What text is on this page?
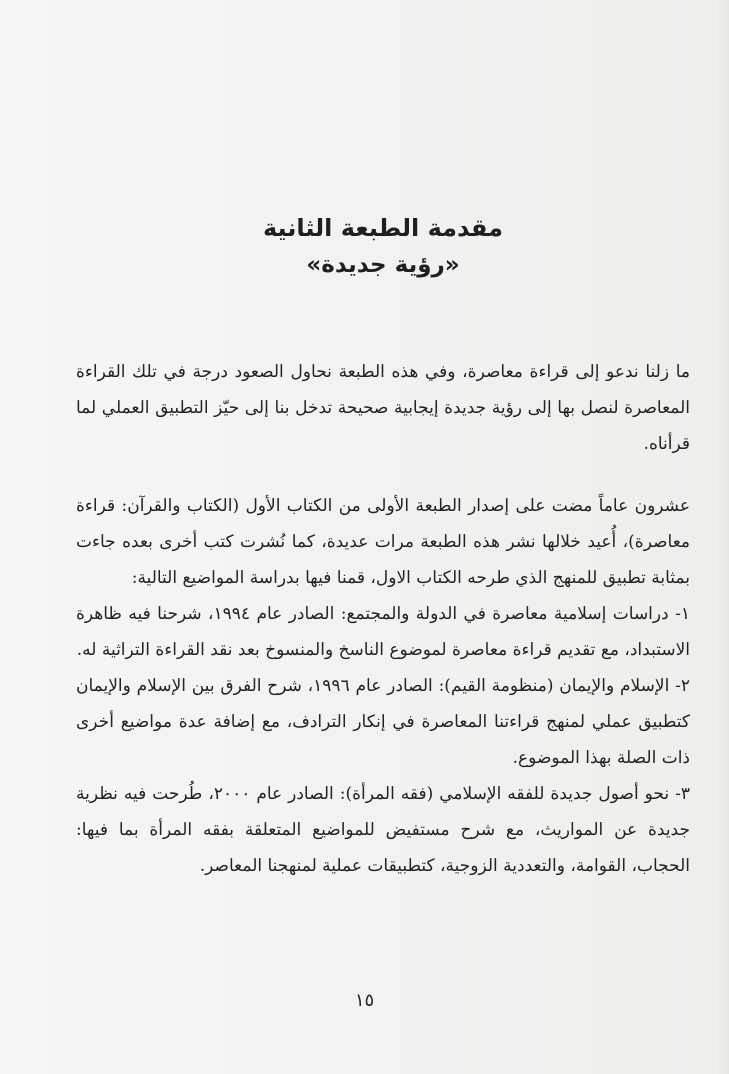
مقدمة الطبعة الثانية
«رؤية جديدة»

ما زلنا ندعو إلى قراءة معاصرة، وفي هذه الطبعة نحاول الصعود درجة في تلك القراءة المعاصرة لنصل بها إلى رؤية جديدة إيجابية صحيحة تدخل بنا إلى حيّز التطبيق العملي لما قرأناه.

عشرون عاماً مضت على إصدار الطبعة الأولى من الكتاب الأول (الكتاب والقرآن: قراءة معاصرة)، أُعيد خلالها نشر هذه الطبعة مرات عديدة، كما نُشرت كتب أخرى بعده جاءت بمثابة تطبيق للمنهج الذي طرحه الكتاب الاول، قمنا فيها بدراسة المواضيع التالية:

١- دراسات إسلامية معاصرة في الدولة والمجتمع: الصادر عام ١٩٩٤، شرحنا فيه ظاهرة الاستبداد، مع تقديم قراءة معاصرة لموضوع الناسخ والمنسوخ بعد نقد القراءة التراثية له.

٢- الإسلام والإيمان (منظومة القيم): الصادر عام ١٩٩٦، شرح الفرق بين الإسلام والإيمان كتطبيق عملي لمنهج قراءتنا المعاصرة في إنكار الترادف، مع إضافة عدة مواضيع أخرى ذات الصلة بهذا الموضوع.

٣- نحو أصول جديدة للفقه الإسلامي (فقه المرأة): الصادر عام ٢٠٠٠، طُرحت فيه نظرية جديدة عن المواريث، مع شرح مستفيض للمواضيع المتعلقة بفقه المرأة بما فيها: الحجاب، القوامة، والتعددية الزوجية، كتطبيقات عملية لمنهجنا المعاصر.

١٥
